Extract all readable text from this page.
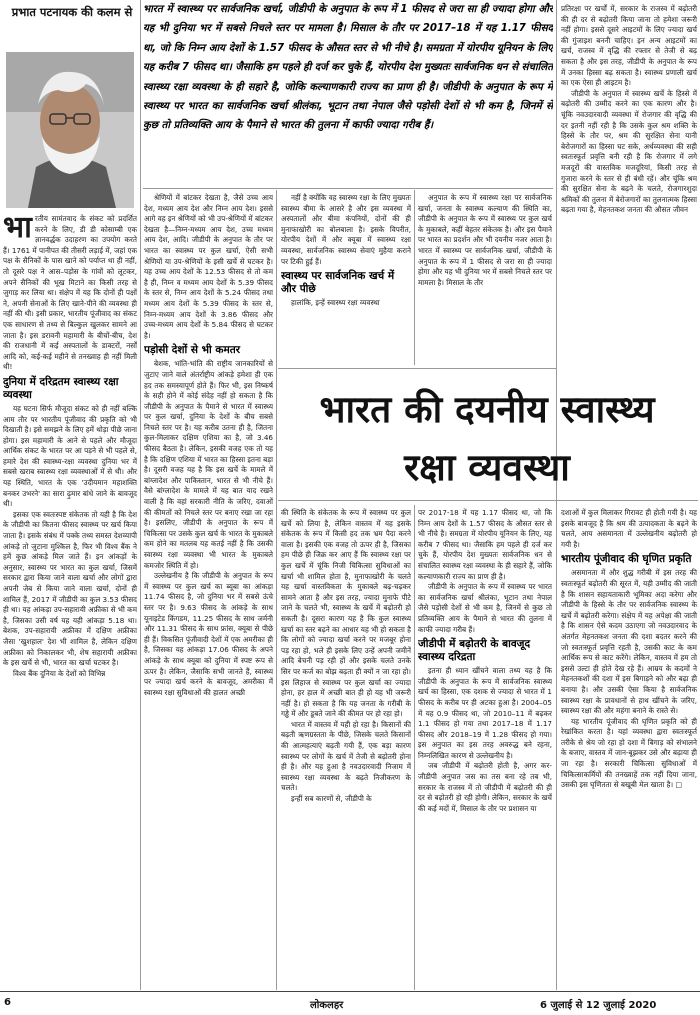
प्रभात पटनायक की कलम से	भारत में स्वास्थ्य पर सार्वजनिक खर्चा, जीडीपी के अनुपात के रूप में 1 फीसद से जरा सा ही ज्यादा होगा और यह भी दुनिया भर में सबसे निचले स्तर पर मामला है। मिसाल के तौर पर 2017–18 में यह 1.17 फीसद था, जो कि निम्न आय देशों के 1.57 फीसद के औसत स्तर से भी नीचे है। समग्रता में योरपीय यूनियन के लिए यह करीब 7 फीसद था। जैसाकि हम पहले ही दर्ज कर चुके हैं, योरपीय देश मुख्यतः सार्वजनिक धन से संचालित स्वास्थ्य रक्षा व्यवस्था के ही सहारे है, जोकि कल्याणकारी राज्य का प्राण ही है। जीडीपी के अनुपात के रूप में स्वास्थ्य पर भारत का सार्वजनिक खर्चा श्रीलंका, भूटान तथा नेपाल जैसे पड़ोसी देशों से भी कम है, जिनमें से कुछ तो प्रतिव्यक्ति आय के पैमाने से भारत की तुलना में काफी ज्यादा गरीब हैं।
भारत की दयनीय स्वास्थ्य
रक्षा व्यवस्था

भारतीय सामंतवाद के संकट को प्रदर्शित करने के लिए, डी डी कोसाम्बी एक ज्ञानवर्द्धक उदाहरण का उपयोग करते हैं। 1761 में पानीपत की तीसरी लड़ाई में, जहां एक पक्ष के सैनिकों के पास खाने को पर्याप्त था ही नहीं, तो दूसरे पक्ष ने आस–पड़ोस के गांवों को लूटकर, अपने सैनिकों की भूख मिटाने का किसी तरह से जुगाड़ कर लिया था। संक्षेप में यह कि दोनों ही पक्षों ने, अपनी सेनाओं के लिए खाने-पीने की व्यवस्था ही नहीं की थी। इसी प्रकार, भारतीय पूंजीवाद का संकट एक साधारण से तथ्य से बिल्कुल खुलकर सामने आ जाता है। इस डरावनी महामारी के बीचों-बीच, देश की राजधानी में कई अस्पतालों के डाक्टरों, नर्सों आदि को, कई-कई महीने से तनख्वाह ही नहीं मिली थी!

दुनिया में दरिद्रतम स्वास्थ्य रक्षा व्यवस्था

यह घटना सिर्फ मौजूदा संकट को ही नहीं बल्कि आम तौर पर भारतीय पूंजीवाद की प्रकृति को भी दिखाती है। इसे समझने के लिए हमें थोड़ा पीछे जाना होगा। इस महामारी के आने से पहले और मौजूदा आर्थिक संकट के भारत पर आ पड़ने से भी पहले से, हमारे देश की स्वास्थ्य-रक्षा व्यवस्था दुनिया भर में सबसे खराब स्वास्थ्य रक्षा व्यवस्थाओं में से थी। और यह स्थिति, भारत के एक 'उदीयमान महाशक्ति बनकर उभरने' का सारा ढ़ुमार बांधे जाने के बावजूद थी।

इसका एक स्वतःस्पष्ट संकेतक तो यही है कि देश के जीडीपी का कितना फीसद स्वास्थ्य पर खर्च किया जाता है। इसके संबंध में पक्के तथ्य समस्त देशव्यापी आंकड़े तो जुटाना मुश्किल है, फिर भी विश्व बैंक ने हमें कुछ आंकड़े मिल जाते हैं। इन आंकड़ों के अनुसार, स्वास्थ्य पर भारत का कुल खर्चा, जिसमें सरकार द्वारा किया जाने वाला खर्चा और लोगों द्वारा अपनी जेब से किया जाने वाला खर्चा, दोनों ही शामिल हैं, 2017 में जीडीपी का कुल 3.53 फीसद ही था। यह आंकड़ा उप-सहारायी अफ्रीका से भी कम है, जिसका उसी वर्ष यह यही आंकड़ा 5.18 था। बेशक, उप-सहारायी अफ्रीका में दक्षिण अफ्रीका जैसा 'खुशहाल' देश भी शामिल है, लेकिन दक्षिण अफ्रीका को निकालकर भी, शेष सहारायी अफ्रीका के इस खर्चे से भी, भारत का खर्चा घटकर है।

विश्व बैंक दुनिया के देशों को विभिन्न

श्रेणियों में बांटकर देखता है, जैसे उच्च आय देश, मध्यम आय देश और निम्न आय देश। इससे आगे वह इन श्रेणियों को भी उप-श्रेणियों में बांटकर देखता है—निम्न-मध्यम आय देश, उच्च मध्यम आय देश, आदि। जीडीपी के अनुपात के तौर पर भारत का स्वास्थ्य पर कुल खर्चा, ऐसी सभी श्रेणियों या उप-श्रेणियों के इसी खर्चे से घटकर है। यह उच्च आय देशों के 12.53 फीसद से तो कम है ही, निम्न व मध्यम आय देशों के 5.39 फीसद के स्तर से, निम्न आय देशों के 5.24 फीसद तथा मध्यम आय देशों के 5.39 फीसद के स्तर से, निम्न-मध्यम आय देशों के 3.86 फीसद और उच्च-मध्यम आय देशों के 5.84 फीसद से घटकर है।

पड़ोसी देशों से भी कमतर

बेशक, भांति-भांति की राष्ट्रीय जानकारियों से जुटाए जाने वाले अंतर्राष्ट्रीय आंकड़े हमेशा ही एक हद तक समस्यापूर्ण होते हैं। फिर भी, इस निष्कर्ष के सही होने में कोई संदेह नहीं हो सकता है कि जीडीपी के अनुपात के पैमाने से भारत में स्वास्थ्य पर कुल खर्चा, दुनिया के देशों के बीच सबसे निचले स्तर पर है। यह करीब उतना ही है, जितना कुल-मिलाकर दक्षिण एशिया का है, जो 3.46 फीसद बैठता है। लेकिन, इसकी वजह एक तो यह है कि दक्षिण एशिया में भारत का हिस्सा इतना बड़ा है। दूसरी वजह यह है कि इस खर्चे के मामले में बांग्लादेश और पाकिस्तान, भारत से भी नीचे हैं। वैसे बांग्लादेश के मामले में यह बात याद रखने वाली है कि वहां सरकारी नीति के जरिए, दवाओं की कीमतों को निचले स्तर पर बनाए रखा जा रहा है। इसलिए, जीडीपी के अनुपात के रूप में चिकित्सा पर उसके कुल खर्च के भारत के मुकाबले कम होने का मतलब यह कतई नहीं है कि उसकी स्वास्थ्य रक्षा व्यवस्था भी भारत के मुकाबले कमजोर स्थिति में हो।

उल्लेखनीय है कि जीडीपी के अनुपात के रूप में स्वास्थ्य पर कुल खर्च का ब्यूबा का आंकड़ा 11.74 फीसद है, जो दुनिया भर में सबसे ऊंचे स्तर पर है। 9.63 फीसद के आंकड़े के साथ यूनाइटेड किंगडम, 11.25 फीसद के साथ जर्मनी और 11.31 फीसद के साथ फ्रांस, क्यूबा से पीछे ही हैं। विकसित पूंजीवादी देशों में एक अमरीका ही है, जिसका यह आंकड़ा 17.06 फीसद के अपने आंकड़े के साथ क्यूबा को दुनिया में स्पष्ट रूप से ऊपर है। लेकिन, जैसाकि सभी जानते हैं, स्वास्थ्य पर ज्यादा खर्च करने के बावजूद, अमरीका में स्वास्थ्य रक्षा सुविधाओं की हालत अच्छी

नहीं है क्योंकि वह स्वास्थ्य रक्षा के लिए मुख्यतः स्वास्थ्य बीमा के आसरे है और इस व्यवस्था में अस्पतालों और बीमा कंपनियों, दोनों की ही मुनाफाखोरी का बोलबाला है। इसके विपरीत, योरपीय देशों में और क्यूबा में स्वास्थ्य रक्षा व्यवस्था, सार्वजनिक स्वास्थ्य सेवाएं मुहैया कराने पर टिकी हुई हैं।

स्वास्थ्य पर सार्वजनिक खर्च में और पीछे

हालांकि, इन्हें स्वास्थ्य रक्षा व्यवस्था

अनुपात के रूप में स्वास्थ्य रक्षा पर सार्वजनिक खर्चा, जनता के स्वास्थ्य कल्याण की स्थिति का, जीडीपी के अनुपात के रूप में स्वास्थ्य पर कुल खर्च के मुकाबले, कहीं बेहतर संकेतक है। और इस पैमाने पर भारत का प्रदर्शन और भी दयनीय नजर आता है। भारत में स्वास्थ्य पर सार्वजनिक खर्चा, जीडीपी के अनुपात के रूप में 1 फीसद से जरा सा ही ज्यादा होगा और यह भी दुनिया भर में सबसे निचले स्तर पर मामला है। मिसाल के तौर

की स्थिति के संकेतक के रूप में स्वास्थ्य पर कुल खर्चे को लिया है, लेकिन वास्तव में यह इसके संकेतक के रूप में किसी हद तक भ्रम पैदा करने वाला है। इसकी एक वजह तो ऊपर ही है, जिसका हम पीछे ही जिक्र कर आए हैं कि स्वास्थ्य रक्षा पर कुल खर्चे में चूंकि निजी चिकित्सा सुविधाओं का खर्चा भी शामिल होता है, मुनाफाखोरी के चलते यह खर्चा वास्तविकता के मुकाबले बढ़-चढ़कर सामने आता है और इस तरह, ज्यादा मुनाफे पीटे जाने के चलते भी, स्वास्थ्य के खर्चे में बढ़ोतरी हो सकती है। दूसरा कारण यह है कि कुल स्वास्थ्य खर्चा का स्तर बढ़ने का आधार यह भी हो सकता है कि लोगों को ज्यादा खर्चा करने पर मजबूर होना पड़ रहा हो, भले ही इसके लिए उन्हें अपनी जमीनें आदि बेचनी पड़ रही हों और इसके चलते उनके सिर पर कर्ज का बोझ बढ़ता ही क्यों न जा रहा हो। इस लिहाज से स्वास्थ्य पर कुल खर्चा का ज्यादा होना, हर हाल में अच्छी बात ही हो यह भी जरूरी नहीं है। हो सकता है कि यह जनता के गरीबी के गड्ढे में और डूबते जाने की कीमत पर हो रहा हो।

भारत में वास्तव में यही हो रहा है। किसानों की बढ़ती ऋणग्रस्तता के पीछे, जिसके चलते किसानों की आत्महत्याएं बढ़ती गयी हैं, एक बड़ा कारण स्वास्थ्य पर लोगों के खर्च में तेजी से बढ़ोतरी होना ही है। और यह हुआ है नवउदारवादी निजाम में स्वास्थ्य रक्षा व्यवस्था के बढ़ते निजीकरण के चलते।

इन्हीं सब कारणों से, जीडीपी के

पर 2017-18 में यह 1.17 फीसद था, जो कि निम्न आय देशों के 1.57 फीसद के औसत स्तर से भी नीचे है। समग्रता में योरपीय यूनियन के लिए, यह करीब 7 फीसद था। जैसाकि हम पहले ही दर्ज कर चुके हैं, योरपीय देश मुख्यतः सार्वजनिक धन से संचालित स्वास्थ्य रक्षा व्यवस्था के ही सहारे हैं, जोकि कल्याणकारी राज्य का प्राण ही है।

जीडीपी के अनुपात के रूप में स्वास्थ्य पर भारत का सार्वजनिक खर्चा श्रीलंका, भूटान तथा नेपाल जैसे पड़ोसी देशों से भी कम है, जिनमें से कुछ तो प्रतिव्यक्ति आय के पैमाने से भारत की तुलना में काफी ज्यादा गरीब हैं।

जीडीपी में बढ़ोतरी के बावजूद स्वास्थ्य दरिद्रता

इतना ही ध्यान खींचने वाला तथ्य यह है कि जीडीपी के अनुपात के रूप में सार्वजनिक स्वास्थ्य खर्च का हिस्सा, एक दशक से ज्यादा से भारत में 1 फीसद के करीब पर ही अटका हुआ है। 2004–05 में यह 0.9 फीसद था, जो 2010–11 में बढ़कर 1.1 फीसद हो गया तथा 2017–18 में 1.17 फीसद और 2018–19 में 1.28 फीसद हो गया। इस अनुपात का इस तरह अवरुद्ध बने रहना, निम्नलिखित कारण से उल्लेखनीय है।

जब जीडीपी में बढ़ोतरी होती है, अगर कर-जीडीपी अनुपात जस का तस बना रहे तब भी, सरकार के राजस्व में तो जीडीपी में बढ़ोतरी की ही दर से बढ़ोतरी हो रही होगी। लेकिन, सरकार के खर्चे की कई मदों में, मिसाल के तौर पर प्रशासन या

प्रतिरक्षा पर खर्चों में, सरकार के राजस्व में बढ़ोतरी की ही दर से बढ़ोतरी किया जाना तो हमेशा जरूरी नहीं होगा। इससे दूसरे आइटमों के लिए ज्यादा खर्च की गुंजाइश बननी चाहिए। इन अन्य आइटमों का खर्च, राजस्व में वृद्धि की रफ्तार से तेजी से बढ़ सकता है और इस तरह, जीडीपी के अनुपात के रूप में उनका हिस्सा बढ़ सकता है। स्वास्थ्य प्रणाली खर्च का एक ऐसा ही आइटम है।

जीडीपी के अनुपात में स्वास्थ्य खर्चे के हिस्से में बढ़ोतरी की उम्मीद करने का एक कारण और है। चूंकि नवउदारवादी व्यवस्था में रोजगार की वृद्धि की दर इतनी नहीं रही है कि उसके कुल श्रम शक्ति के हिस्से के तौर पर, श्रम की सुरक्षित सेना यानी बेरोजगारों का हिस्सा घट सके, अर्थव्यवस्था की सही स्वतःस्फूर्त प्रवृत्ति बनी रही है कि रोजगार में लगे मजदूरों की वास्तविक मजदूरियां, किसी तरह से गुजारा करने के स्तर से ही बंधी रहें। और चूंकि श्रम की सुरक्षित सेना के बढ़ने के चलते, रोजगारशुदा श्रमिकों की तुलना में बेरोजगारों का तुलनात्मक हिस्सा बढ़ता गया है, मेहनतकश जनता की औसत जीवन

दशाओं में कुल मिलाकर गिरावट ही होती गयी है। यह इसके बावजूद है कि श्रम की उत्पादकता के बढ़ने के चलते, आय असमानता में उल्लेखनीय बढ़ोतरी हो गयी है।

भारतीय पूंजीवाद की घृणित प्रकृति

असमानता में और शुद्ध गरीबी में इस तरह की स्वतःस्फूर्त बढ़ोतरी की सूरत में, यही उम्मीद की जाती है कि शासन सहायताकारी भूमिका अदा करेगा और जीडीपी के हिस्से के तौर पर सार्वजनिक स्वास्थ्य के खर्चे में बढ़ोतरी करेगा। संक्षेप में यह अपेक्षा की जाती है कि शासन ऐसे कदम उठाएगा जो नवउदारवाद के अंतर्गत मेहनतकश जनता की दशा बदतर करने की जो स्वतःस्फूर्त प्रवृत्ति रहती है, उसकी काट के कम आर्थिक रूप से काट करेंगे। लेकिन, वास्तव में हम तो इससे उल्टा ही होते देख रहे हैं। आम्रय के कदमों ने मेहनतकशों की दशा में इस बिगाड़ने को और बढ़ा ही बनाया है। और उसकी ऐसा किया है सार्वजनिक स्वास्थ्य रक्षा के प्रावधानों से हाथ खींचने के जरिए, स्वास्थ्य रक्षा की और महंगा बनाने के रास्ते से।

यह भारतीय पूंजीवाद की घृणित प्रकृति को ही रेखांकित करता है। यहां व्यवस्था द्वारा स्वतःस्फूर्त तरीके से श्रेय जो रहा हो दशा में बिगाड़ को संभालने के बजाए, वास्तव में जान-बूझकर उसे और बढ़ाया ही जा रहा है। सरकारी चिकित्सा सुविधाओं में चिकित्साकर्मियों की तनख्वाहें तक नहीं दिया जाना, उसकी इस घृणितता से बखूबी मेल खाता है। □

6	लोकलहर	6 जुलाई से 12 जुलाई 2020
